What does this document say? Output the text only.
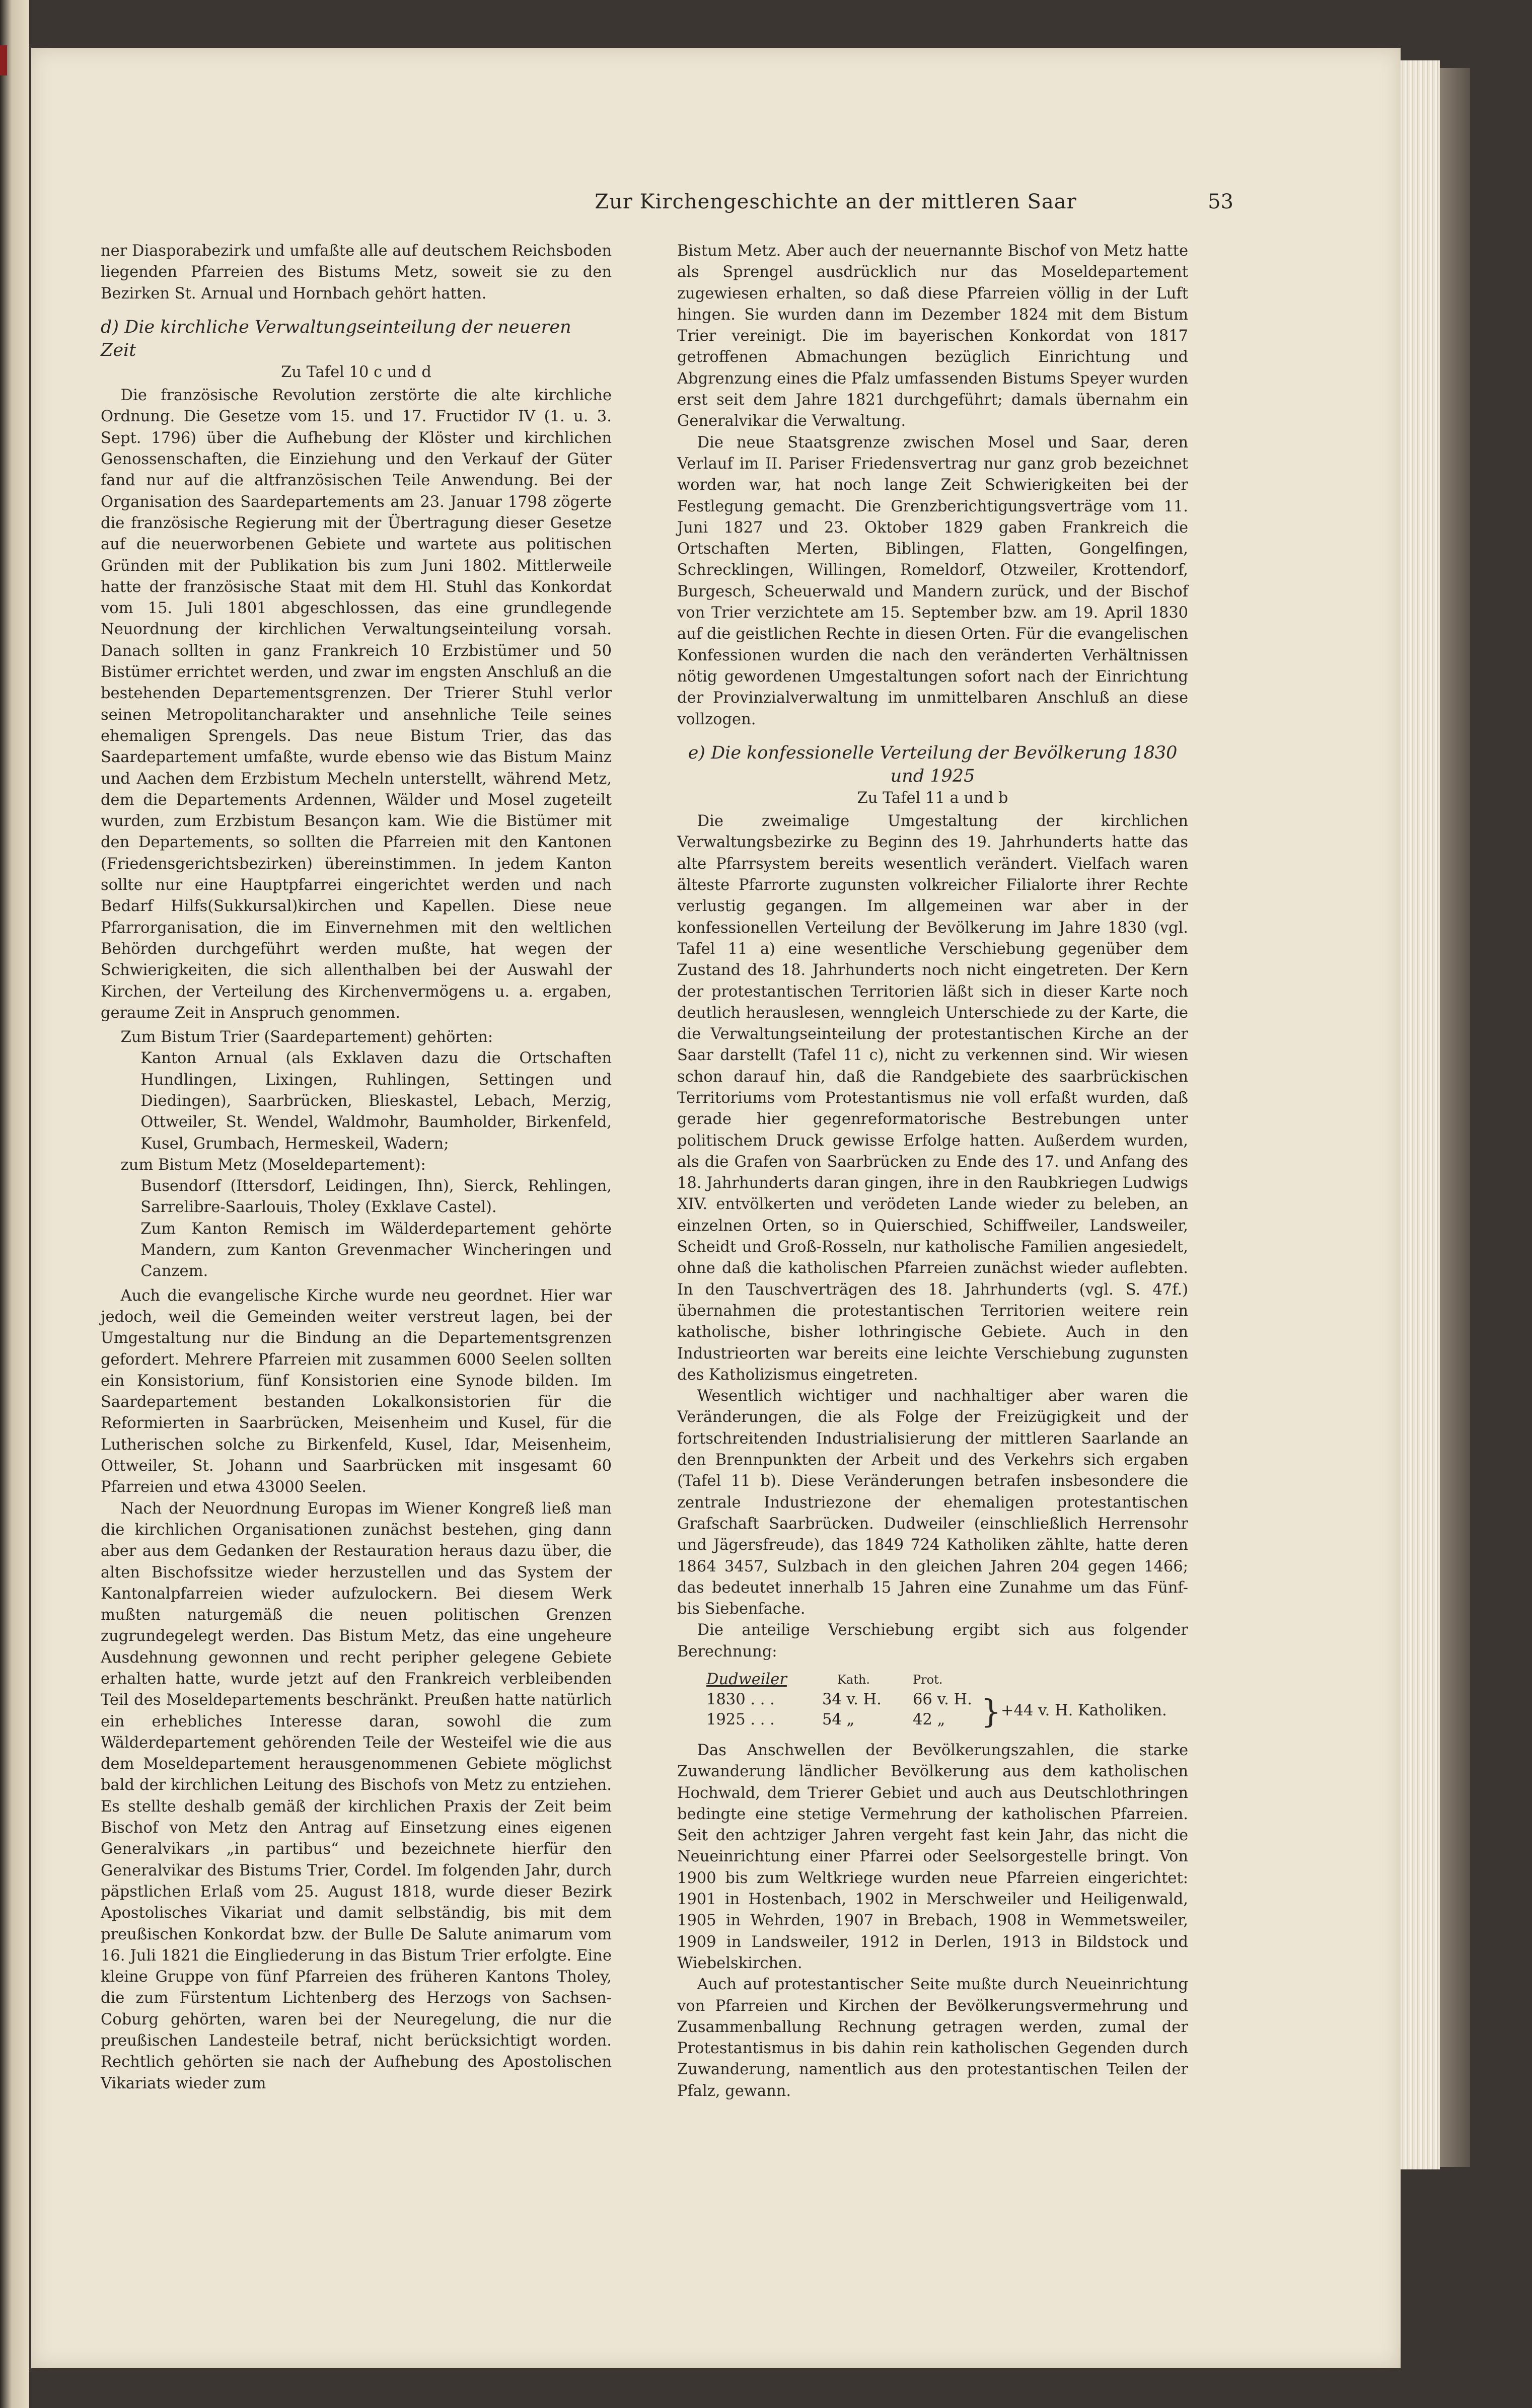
Zur Kirchengeschichte an der mittleren Saar	53

ner Diasporabezirk und umfaßte alle auf deutschem Reichsboden liegenden Pfarreien des Bistums Metz, soweit sie zu den Bezirken St. Arnual und Hornbach gehört hatten.

d) Die kirchliche Verwaltungseinteilung der neueren Zeit

Zu Tafel 10 c und d

Die französische Revolution zerstörte die alte kirchliche Ordnung. Die Gesetze vom 15. und 17. Fructidor IV (1. u. 3. Sept. 1796) über die Aufhebung der Klöster und kirchlichen Genossenschaften, die Einziehung und den Verkauf der Güter fand nur auf die altfranzösischen Teile Anwendung. Bei der Organisation des Saardepartements am 23. Januar 1798 zögerte die französische Regierung mit der Übertragung dieser Gesetze auf die neuerworbenen Gebiete und wartete aus politischen Gründen mit der Publikation bis zum Juni 1802. Mittlerweile hatte der französische Staat mit dem Hl. Stuhl das Konkordat vom 15. Juli 1801 abgeschlossen, das eine grundlegende Neuordnung der kirchlichen Verwaltungseinteilung vorsah. Danach sollten in ganz Frankreich 10 Erzbistümer und 50 Bistümer errichtet werden, und zwar im engsten Anschluß an die bestehenden Departementsgrenzen. Der Trierer Stuhl verlor seinen Metropolitancharakter und ansehnliche Teile seines ehemaligen Sprengels. Das neue Bistum Trier, das das Saardepartement umfaßte, wurde ebenso wie das Bistum Mainz und Aachen dem Erzbistum Mecheln unterstellt, während Metz, dem die Departements Ardennen, Wälder und Mosel zugeteilt wurden, zum Erzbistum Besançon kam. Wie die Bistümer mit den Departements, so sollten die Pfarreien mit den Kantonen (Friedensgerichtsbezirken) übereinstimmen. In jedem Kanton sollte nur eine Hauptpfarrei eingerichtet werden und nach Bedarf Hilfs(Sukkursal)kirchen und Kapellen. Diese neue Pfarrorganisation, die im Einvernehmen mit den weltlichen Behörden durchgeführt werden mußte, hat wegen der Schwierigkeiten, die sich allenthalben bei der Auswahl der Kirchen, der Verteilung des Kirchenvermögens u. a. ergaben, geraume Zeit in Anspruch genommen.

Zum Bistum Trier (Saardepartement) gehörten:

Kanton Arnual (als Exklaven dazu die Ortschaften Hundlingen, Lixingen, Ruhlingen, Settingen und Diedingen), Saarbrücken, Blieskastel, Lebach, Merzig, Ottweiler, St. Wendel, Waldmohr, Baumholder, Birkenfeld, Kusel, Grumbach, Hermeskeil, Wadern;

zum Bistum Metz (Moseldepartement):

Busendorf (Ittersdorf, Leidingen, Ihn), Sierck, Rehlingen, Sarrelibre-Saarlouis, Tholey (Exklave Castel).

Zum Kanton Remisch im Wälderdepartement gehörte Mandern, zum Kanton Grevenmacher Wincheringen und Canzem.

Auch die evangelische Kirche wurde neu geordnet. Hier war jedoch, weil die Gemeinden weiter verstreut lagen, bei der Umgestaltung nur die Bindung an die Departementsgrenzen gefordert. Mehrere Pfarreien mit zusammen 6000 Seelen sollten ein Konsistorium, fünf Konsistorien eine Synode bilden. Im Saardepartement bestanden Lokalkonsistorien für die Reformierten in Saarbrücken, Meisenheim und Kusel, für die Lutherischen solche zu Birkenfeld, Kusel, Idar, Meisenheim, Ottweiler, St. Johann und Saarbrücken mit insgesamt 60 Pfarreien und etwa 43000 Seelen.

Nach der Neuordnung Europas im Wiener Kongreß ließ man die kirchlichen Organisationen zunächst bestehen, ging dann aber aus dem Gedanken der Restauration heraus dazu über, die alten Bischofssitze wieder herzustellen und das System der Kantonalpfarreien wieder aufzulockern. Bei diesem Werk mußten naturgemäß die neuen politischen Grenzen zugrundegelegt werden. Das Bistum Metz, das eine ungeheure Ausdehnung gewonnen und recht peripher gelegene Gebiete erhalten hatte, wurde jetzt auf den Frankreich verbleibenden Teil des Moseldepartements beschränkt. Preußen hatte natürlich ein erhebliches Interesse daran, sowohl die zum Wälderdepartement gehörenden Teile der Westeifel wie die aus dem Moseldepartement herausgenommenen Gebiete möglichst bald der kirchlichen Leitung des Bischofs von Metz zu entziehen. Es stellte deshalb gemäß der kirchlichen Praxis der Zeit beim Bischof von Metz den Antrag auf Einsetzung eines eigenen Generalvikars „in partibus“ und bezeichnete hierfür den Generalvikar des Bistums Trier, Cordel. Im folgenden Jahr, durch päpstlichen Erlaß vom 25. August 1818, wurde dieser Bezirk Apostolisches Vikariat und damit selbständig, bis mit dem preußischen Konkordat bzw. der Bulle De Salute animarum vom 16. Juli 1821 die Eingliederung in das Bistum Trier erfolgte. Eine kleine Gruppe von fünf Pfarreien des früheren Kantons Tholey, die zum Fürstentum Lichtenberg des Herzogs von Sachsen-Coburg gehörten, waren bei der Neuregelung, die nur die preußischen Landesteile betraf, nicht berücksichtigt worden. Rechtlich gehörten sie nach der Aufhebung des Apostolischen Vikariats wieder zum

Bistum Metz. Aber auch der neuernannte Bischof von Metz hatte als Sprengel ausdrücklich nur das Moseldepartement zugewiesen erhalten, so daß diese Pfarreien völlig in der Luft hingen. Sie wurden dann im Dezember 1824 mit dem Bistum Trier vereinigt. Die im bayerischen Konkordat von 1817 getroffenen Abmachungen bezüglich Einrichtung und Abgrenzung eines die Pfalz umfassenden Bistums Speyer wurden erst seit dem Jahre 1821 durchgeführt; damals übernahm ein Generalvikar die Verwaltung.

Die neue Staatsgrenze zwischen Mosel und Saar, deren Verlauf im II. Pariser Friedensvertrag nur ganz grob bezeichnet worden war, hat noch lange Zeit Schwierigkeiten bei der Festlegung gemacht. Die Grenzberichtigungsverträge vom 11. Juni 1827 und 23. Oktober 1829 gaben Frankreich die Ortschaften Merten, Biblingen, Flatten, Gongelfingen, Schrecklingen, Willingen, Romeldorf, Otzweiler, Krottendorf, Burgesch, Scheuerwald und Mandern zurück, und der Bischof von Trier verzichtete am 15. September bzw. am 19. April 1830 auf die geistlichen Rechte in diesen Orten. Für die evangelischen Konfessionen wurden die nach den veränderten Verhältnissen nötig gewordenen Umgestaltungen sofort nach der Einrichtung der Provinzialverwaltung im unmittelbaren Anschluß an diese vollzogen.

e) Die konfessionelle Verteilung der Bevölkerung 1830 und 1925

Zu Tafel 11 a und b

Die zweimalige Umgestaltung der kirchlichen Verwaltungsbezirke zu Beginn des 19. Jahrhunderts hatte das alte Pfarrsystem bereits wesentlich verändert. Vielfach waren älteste Pfarrorte zugunsten volkreicher Filialorte ihrer Rechte verlustig gegangen. Im allgemeinen war aber in der konfessionellen Verteilung der Bevölkerung im Jahre 1830 (vgl. Tafel 11 a) eine wesentliche Verschiebung gegenüber dem Zustand des 18. Jahrhunderts noch nicht eingetreten. Der Kern der protestantischen Territorien läßt sich in dieser Karte noch deutlich herauslesen, wenngleich Unterschiede zu der Karte, die die Verwaltungseinteilung der protestantischen Kirche an der Saar darstellt (Tafel 11 c), nicht zu verkennen sind. Wir wiesen schon darauf hin, daß die Randgebiete des saarbrückischen Territoriums vom Protestantismus nie voll erfaßt wurden, daß gerade hier gegenreformatorische Bestrebungen unter politischem Druck gewisse Erfolge hatten. Außerdem wurden, als die Grafen von Saarbrücken zu Ende des 17. und Anfang des 18. Jahrhunderts daran gingen, ihre in den Raubkriegen Ludwigs XIV. entvölkerten und verödeten Lande wieder zu beleben, an einzelnen Orten, so in Quierschied, Schiffweiler, Landsweiler, Scheidt und Groß-Rosseln, nur katholische Familien angesiedelt, ohne daß die katholischen Pfarreien zunächst wieder auflebten. In den Tauschverträgen des 18. Jahrhunderts (vgl. S. 47f.) übernahmen die protestantischen Territorien weitere rein katholische, bisher lothringische Gebiete. Auch in den Industrieorten war bereits eine leichte Verschiebung zugunsten des Katholizismus eingetreten.

Wesentlich wichtiger und nachhaltiger aber waren die Veränderungen, die als Folge der Freizügigkeit und der fortschreitenden Industrialisierung der mittleren Saarlande an den Brennpunkten der Arbeit und des Verkehrs sich ergaben (Tafel 11 b). Diese Veränderungen betrafen insbesondere die zentrale Industriezone der ehemaligen protestantischen Grafschaft Saarbrücken. Dudweiler (einschließlich Herrensohr und Jägersfreude), das 1849 724 Katholiken zählte, hatte deren 1864 3457, Sulzbach in den gleichen Jahren 204 gegen 1466; das bedeutet innerhalb 15 Jahren eine Zunahme um das Fünf- bis Siebenfache.

Die anteilige Verschiebung ergibt sich aus folgender Berechnung:

Dudweiler	Kath.	Prot.
1830 . . .	34 v. H.	66 v. H.
1925 . . .	54 „	42 „	} +44 v. H. Katholiken.

Das Anschwellen der Bevölkerungszahlen, die starke Zuwanderung ländlicher Bevölkerung aus dem katholischen Hochwald, dem Trierer Gebiet und auch aus Deutschlothringen bedingte eine stetige Vermehrung der katholischen Pfarreien. Seit den achtziger Jahren vergeht fast kein Jahr, das nicht die Neueinrichtung einer Pfarrei oder Seelsorgestelle bringt. Von 1900 bis zum Weltkriege wurden neue Pfarreien eingerichtet: 1901 in Hostenbach, 1902 in Merschweiler und Heiligenwald, 1905 in Wehrden, 1907 in Brebach, 1908 in Wemmetsweiler, 1909 in Landsweiler, 1912 in Derlen, 1913 in Bildstock und Wiebelskirchen.

Auch auf protestantischer Seite mußte durch Neueinrichtung von Pfarreien und Kirchen der Bevölkerungsvermehrung und Zusammenballung Rechnung getragen werden, zumal der Protestantismus in bis dahin rein katholischen Gegenden durch Zuwanderung, namentlich aus den protestantischen Teilen der Pfalz, gewann.
